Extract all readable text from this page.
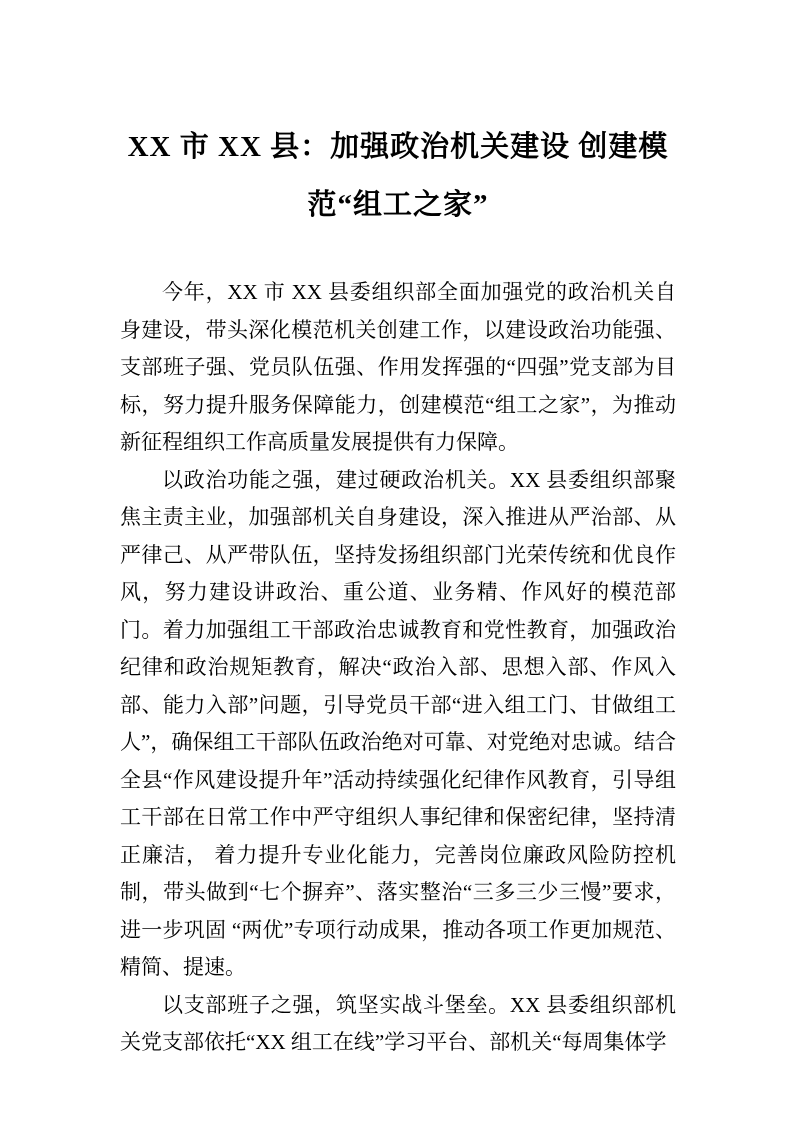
XX 市 XX 县：加强政治机关建设 创建模范“组工之家”

今年，XX 市 XX 县委组织部全面加强党的政治机关自身建设，带头深化模范机关创建工作，以建设政治功能强、 支部班子强、党员队伍强、作用发挥强的“四强”党支部为目标，努力提升服务保障能力，创建模范“组工之家”，为推动新征程组织工作高质量发展提供有力保障。

以政治功能之强，建过硬政治机关。XX 县委组织部聚焦主责主业，加强部机关自身建设，深入推进从严治部、从严律己、从严带队伍，坚持发扬组织部门光荣传统和优良作风，努力建设讲政治、重公道、业务精、作风好的模范部门。着力加强组工干部政治忠诚教育和党性教育，加强政治纪律和政治规矩教育，解决“政治入部、思想入部、作风入部、能力入部”问题，引导党员干部“进入组工门、甘做组工人”，确保组工干部队伍政治绝对可靠、对党绝对忠诚。结合全县“作风建设提升年”活动持续强化纪律作风教育，引导组工干部在日常工作中严守组织人事纪律和保密纪律，坚持清正廉洁， 着力提升专业化能力，完善岗位廉政风险防控机制，带头做到“七个摒弃”、落实整治“三多三少三慢”要求，进一步巩固 “两优”专项行动成果，推动各项工作更加规范、精简、提速。

以支部班子之强，筑坚实战斗堡垒。XX 县委组织部机关党支部依托“XX 组工在线”学习平台、部机关“每周集体学
